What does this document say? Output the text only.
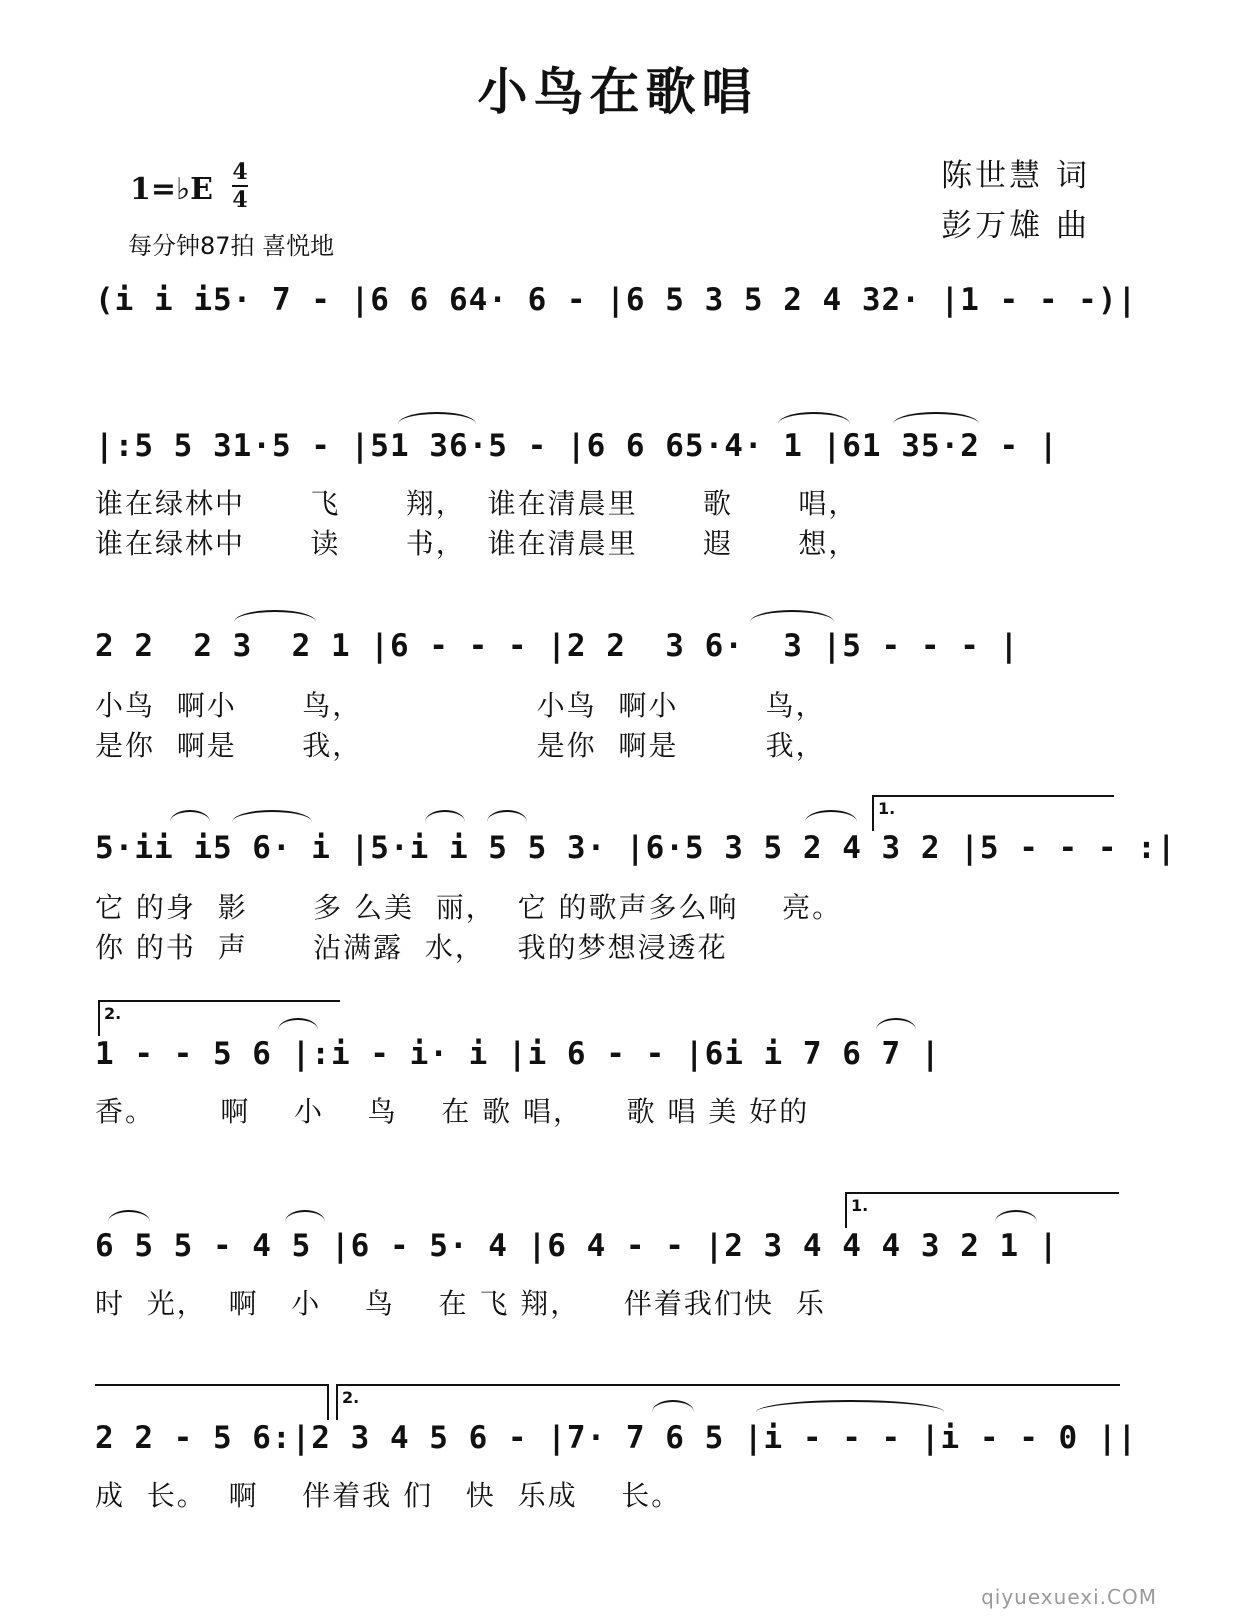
小鸟在歌唱
陈世慧 词
彭万雄 曲
1=♭E 4
4
每分钟87拍 喜悦地
(i i i5· 7 - |6 6 64· 6 - |6 5 3 5 2 4 32· |1 - - -)|
|:5 5 31·5 - |51 36·5 - |6 6 65·4· 1 |61 35·2 - |
谁在绿林中      飞      翔，  谁在清晨里      歌      唱，
谁在绿林中      读      书，  谁在清晨里      遐      想，
2 2  2 3  2 1 |6 - - - |2 2  3 6·  3 |5 - - - |
小鸟  啊小      鸟，                小鸟  啊小        鸟，
是你  啊是      我，                是你  啊是        我，
1.
5·ii i5 6· i |5·i i 5 5 3· |6·5 3 5 2 4 3 2 |5 - - - :|
它 的身  影      多 么美  丽，  它 的歌声多么响    亮。
你 的书  声      沾满露  水，   我的梦想浸透花
2.
1 - - 5 6 |:i - i· i |i 6 - - |6i i 7 6 7 |
香。      啊    小    鸟    在 歌 唱，    歌 唱 美 好的
1.
6 5 5 - 4 5 |6 - 5· 4 |6 4 - - |2 3 4 4 4 3 2 1 |
时  光，  啊   小    鸟    在 飞 翔，    伴着我们快  乐
2.
2 2 - 5 6:|2 3 4 5 6 - |7· 7 6 5 |i - - - |i - - 0 ||
成  长。  啊    伴着我 们   快  乐成    长。
qiyuexuexi.COM
